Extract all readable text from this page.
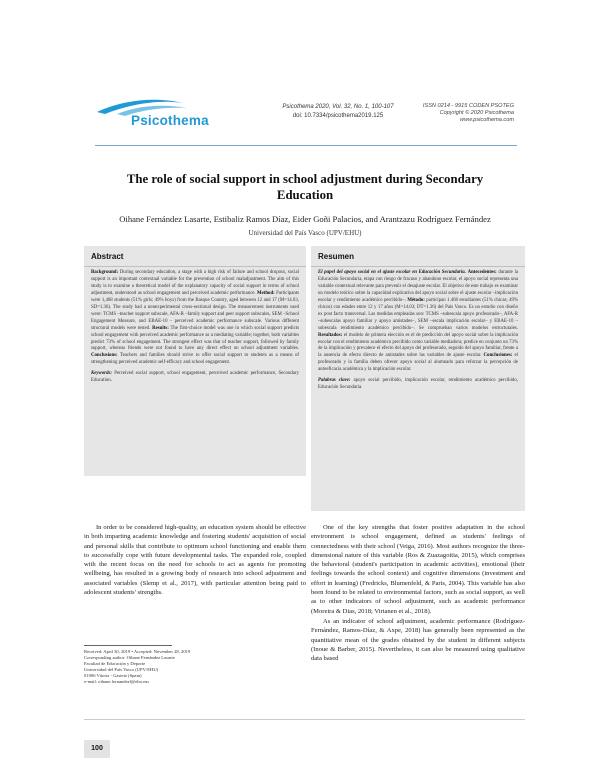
Psicothema
Psicothema 2020, Vol. 32, No. 1, 100-107
doi: 10.7334/psicothema2019.125
ISSN 0214 - 9915 CODEN PSOTEG
Copyright © 2020 Psicothema
www.psicothema.com
The role of social support in school adjustment during Secondary Education
Oihane Fernández Lasarte, Estibaliz Ramos Díaz, Eider Goñi Palacios, and Arantzazu Rodríguez Fernández
Universidad del País Vasco (UPV/EHU)
Abstract

Background: During secondary education, a stage with a high risk of failure and school dropout, social support is an important contextual variable for the prevention of school maladjustment. The aim of this study is to examine a theoretical model of the explanatory capacity of social support in terms of school adjustment, understood as school engagement and perceived academic performance. Method: Participants were 1,468 students (51% girls; 49% boys) from the Basque Country, aged between 12 and 17 (M=14.03, SD=1.36). The study had a nonexperimental cross-sectional design. The measurement instruments used were: TCMS –teacher support subscale, AFA-R –family support and peer support subscales, SEM –School Engagement Measure, and EBAE-10 - perceived academic performance subscale. Various different structural models were tested. Results: The first-choice model was one in which social support predicts school engagement with perceived academic performance as a mediating variable; together, both variables predict 73% of school engagement. The strongest effect was that of teacher support, followed by family support, whereas friends were not found to have any direct effect on school adjustment variables. Conclusions: Teachers and families should strive to offer social support to students as a means of strengthening perceived academic self-efficacy and school engagement.

Keywords: Perceived social support, school engagement, perceived academic performance, Secondary Education.

Resumen

El papel del apoyo social en el ajuste escolar en Educación Secundaria. Antecedentes: durante la Educación Secundaria, etapa con riesgo de fracaso y abandono escolar, el apoyo social representa una variable contextual relevante para prevenir el desajuste escolar. El objetivo de este trabajo es examinar un modelo teórico sobre la capacidad explicativa del apoyo social sobre el ajuste escolar –implicación escolar y rendimiento académico percibido–. Método: participan 1.468 estudiantes (51% chicas; 49% chicos) con edades entre 12 y 17 años (M=14.03; DT=1.36) del País Vasco. Es un estudio con diseño ex post facto transversal. Las medidas empleadas son: TCMS –subescala apoyo profesorado–, AFA-R –subescalas apoyo familiar y apoyo amistades–, SEM –escala implicación escolar– y EBAE-10 –subescala rendimiento académico percibido–. Se comprueban varios modelos estructurales. Resultados: el modelo de primera elección es el de predicción del apoyo social sobre la implicación escolar con el rendimiento académico percibido como variable mediadora; predice en conjunto un 73% de la implicación y prevalece el efecto del apoyo del profesorado, seguido del apoyo familiar, frente a la ausencia de efecto directo de amistades sobre las variables de ajuste escolar. Conclusiones: el profesorado y la familia deben ofrecer apoyo social al alumnado para reforzar la percepción de autoeficacia académica y la implicación escolar.

Palabras clave: apoyo social percibido, implicación escolar, rendimiento académico percibido, Educación Secundaria.

In order to be considered high-quality, an education system should be effective in both imparting academic knowledge and fostering students' acquisition of social and personal skills that contribute to optimum school functioning and enable them to successfully cope with future developmental tasks. The expanded role, coupled with the recent focus on the need for schools to act as agents for promoting wellbeing, has resulted in a growing body of research into school adjustment and associated variables (Slemp et al., 2017), with particular attention being paid to adolescent students' strengths.

One of the key strengths that foster positive adaptation in the school environment is school engagement, defined as students' feelings of connectedness with their school (Veiga, 2016). Most authors recognize the three-dimensional nature of this variable (Ros & Zuazagoitia, 2015), which comprises the behavioral (student's participation in academic activities), emotional (their feelings towards the school context) and cognitive dimensions (investment and effort in learning) (Fredricks, Blumenfeld, & Paris, 2004). This variable has also been found to be related to environmental factors, such as social support, as well as to other indicators of school adjustment, such as academic performance (Moreira & Dias, 2018; Virtanen et al., 2018).

As an indicator of school adjustment, academic performance (Rodríguez-Fernández, Ramos-Díaz, & Axpe, 2018) has generally been represented as the quantitative mean of the grades obtained by the student in different subjects (Inoue & Barber, 2015). Nevertheless, it can also be measured using qualitative data based

Received: April 30, 2019 • Accepted: November 28, 2019
Corresponding author: Oihane Fernández Lasarte
Facultad de Educación y Deporte
Universidad del País Vasco (UPV/EHU)
01006 Vitoria - Gasteiz (Spain)
e-mail: oihane.fernandezl@ehu.eus
100
